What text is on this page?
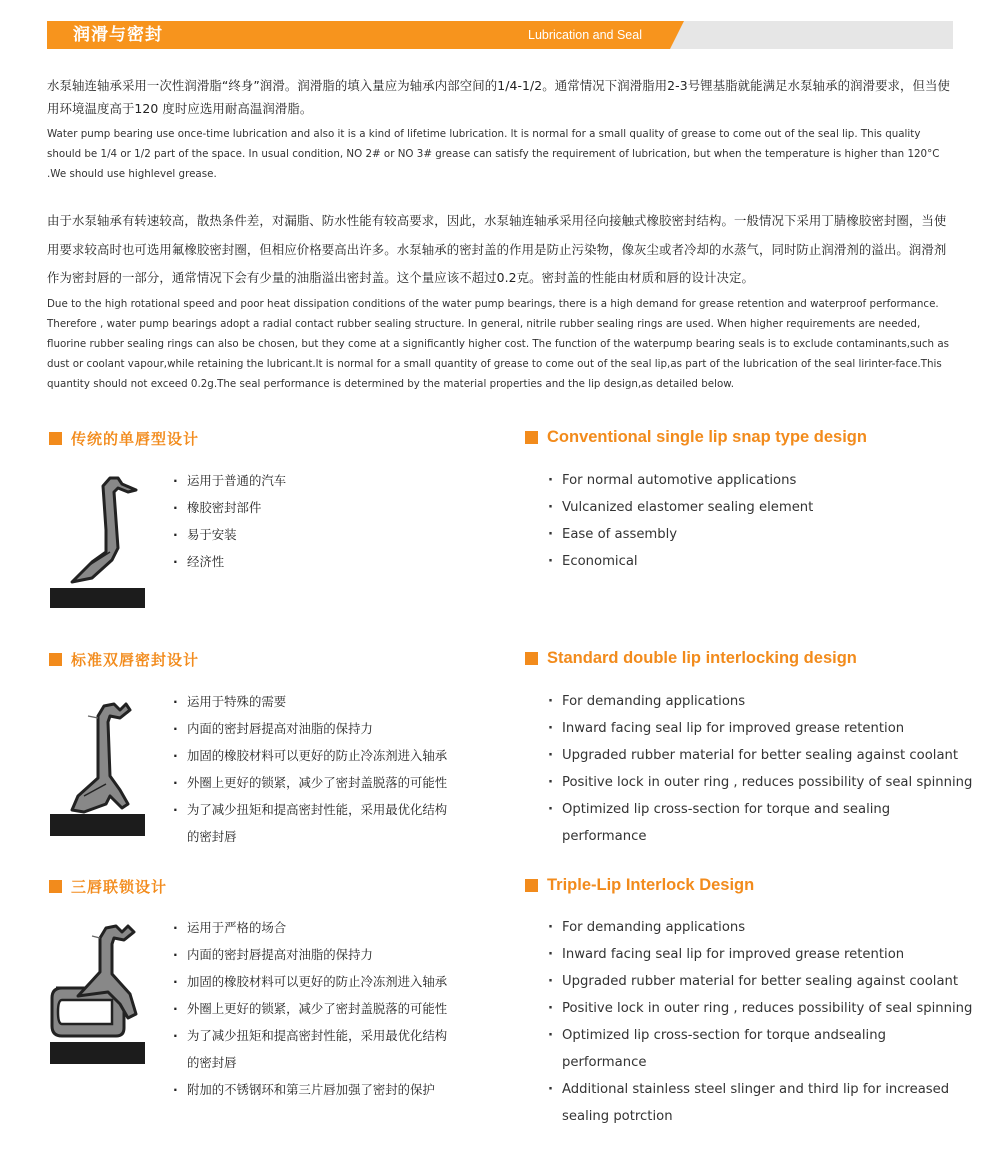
润滑与密封	Lubrication and Seal

水泵轴连轴承采用一次性润滑脂“终身”润滑。润滑脂的填入量应为轴承内部空间的1/4-1/2。通常情况下润滑脂用2-3号锂基脂就能满足水泵轴承的润滑要求，但当使用环境温度高于120 度时应选用耐高温润滑脂。

Water pump bearing use once-time lubrication and also it is a kind of lifetime lubrication. lt is normal for a small quality of grease to come out of the seal lip. This quality should be 1/4 or 1/2 part of the space. In usual condition, NO 2# or NO 3# grease can satisfy the requirement of lubrication, but when the temperature is higher than 120°C .We should use highlevel grease.

由于水泵轴承有转速较高，散热条件差，对漏脂、防水性能有较高要求，因此，水泵轴连轴承采用径向接触式橡胶密封结构。一般情况下采用丁腈橡胶密封圈，当使用要求较高时也可选用氟橡胶密封圈，但相应价格要高出许多。水泵轴承的密封盖的作用是防止污染物，像灰尘或者冷却的水蒸气，同时防止润滑剂的溢出。润滑剂作为密封唇的一部分，通常情况下会有少量的油脂溢出密封盖。这个量应该不超过0.2克。密封盖的性能由材质和唇的设计决定。

Due to the high rotational speed and poor heat dissipation conditions of the water pump bearings, there is a high demand for grease retention and waterproof performance. Therefore , water pump bearings adopt a radial contact rubber sealing structure. In general, nitrile rubber sealing rings are used. When higher requirements are needed, fluorine rubber sealing rings can also be chosen, but they come at a significantly higher cost. The function of the waterpump bearing seals is to exclude contaminants,such as dust or coolant vapour,while retaining the lubricant.lt is normal for a small quantity of grease to come out of the seal lip,as part of the lubrication of the seal lirinter-face.This quantity should not exceed 0.2g.The seal performance is determined by the material properties and the lip design,as detailed below.

传统的单唇型设计	Conventional single lip snap type design
· 运用于普通的汽车
· 橡胶密封部件
· 易于安装
· 经济性
· For normal automotive applications
· Vulcanized elastomer sealing element
· Ease of assembly
· Economical
标准双唇密封设计	Standard double lip interlocking design
· 运用于特殊的需要
· 内面的密封唇提高对油脂的保持力
· 加固的橡胶材料可以更好的防止冷冻剂进入轴承
· 外圈上更好的锁紧，减少了密封盖脱落的可能性
· 为了减少扭矩和提高密封性能，采用最优化结构
的密封唇
· For demanding applications
· Inward facing seal lip for improved grease retention
· Upgraded rubber material for better sealing against coolant
· Positive lock in outer ring , reduces possibility of seal spinning
· Optimized lip cross-section for torque and sealing
performance
三唇联锁设计	Triple-Lip Interlock Design
· 运用于严格的场合
· 内面的密封唇提高对油脂的保持力
· 加固的橡胶材料可以更好的防止冷冻剂进入轴承
· 外圈上更好的锁紧，减少了密封盖脱落的可能性
· 为了减少扭矩和提高密封性能，采用最优化结构
的密封唇
· 附加的不锈钢环和第三片唇加强了密封的保护
· For demanding applications
· Inward facing seal lip for improved grease retention
· Upgraded rubber material for better sealing against coolant
· Positive lock in outer ring , reduces possibility of seal spinning
· Optimized lip cross-section for torque andsealing
performance
· Additional stainless steel slinger and third lip for increased
sealing potrction
